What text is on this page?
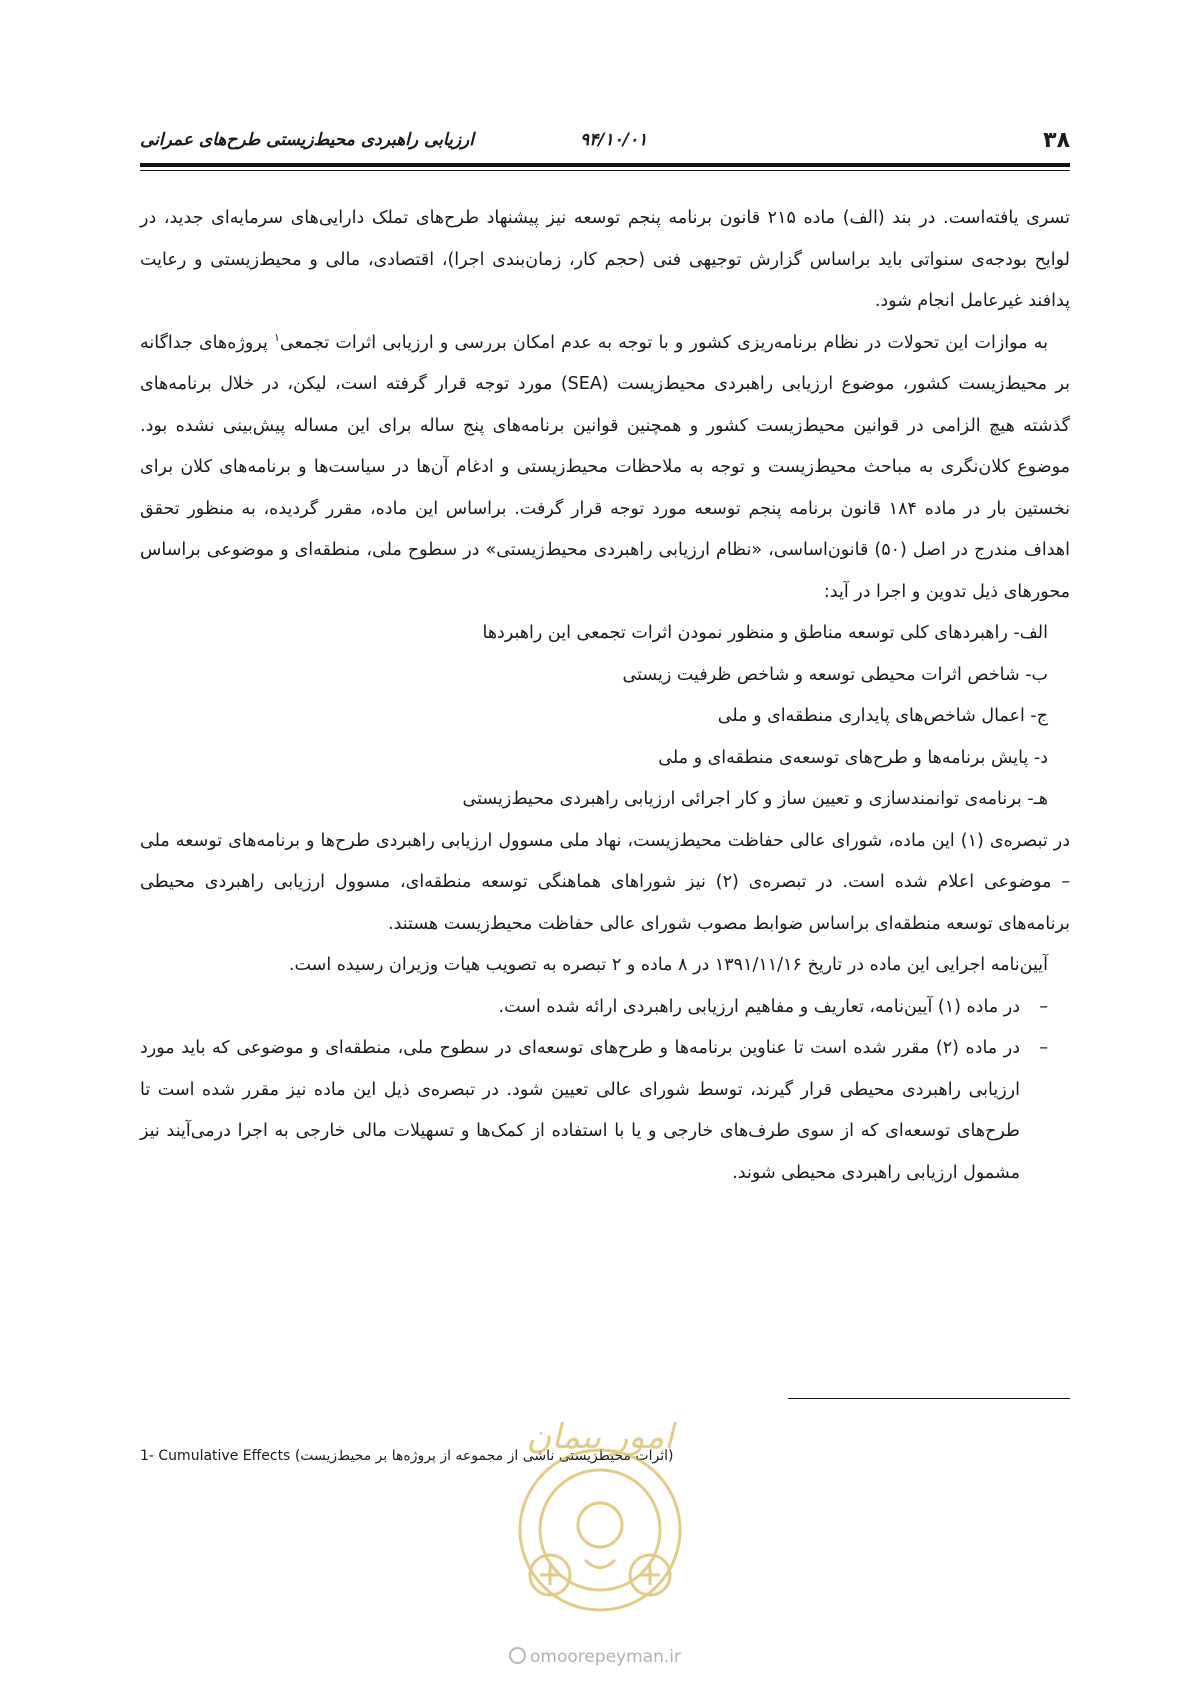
۳۸
۹۴/۱۰/۰۱
ارزیابی راهبردی محیط‌زیستی طرح‌های عمرانی

تسری یافته‌است. در بند (الف) ماده ۲۱۵ قانون برنامه پنجم توسعه نیز پیشنهاد طرح‌های تملک دارایی‌های سرمایه‌ای جدید، در لوایح بودجه‌ی سنواتی باید براساس گزارش توجیهی فنی (حجم کار، زمان‌بندی اجرا)، اقتصادی، مالی و محیط‌زیستی و رعایت پدافند غیرعامل انجام شود.

به موازات این تحولات در نظام برنامه‌ریزی کشور و با توجه به عدم امکان بررسی و ارزیابی اثرات تجمعی$^۱$ پروژه‌های جداگانه بر محیط‌زیست کشور، موضوع ارزیابی راهبردی محیط‌زیست (SEA) مورد توجه قرار گرفته است، لیکن، در خلال برنامه‌های گذشته هیچ الزامی در قوانین محیط‌زیست کشور و همچنین قوانین برنامه‌های پنج ساله برای این مساله پیش‌بینی نشده بود. موضوع کلان‌نگری به مباحث محیط‌زیست و توجه به ملاحظات محیط‌زیستی و ادغام آن‌ها در سیاست‌ها و برنامه‌های کلان برای نخستین بار در ماده ۱۸۴ قانون برنامه پنجم توسعه مورد توجه قرار گرفت. براساس این ماده، مقرر گردیده، به منظور تحقق اهداف مندرج در اصل (۵۰) قانون‌اساسی، «نظام ارزیابی راهبردی محیط‌زیستی» در سطوح ملی، منطقه‌ای و موضوعی براساس محورهای ذیل تدوین و اجرا در آید:

الف- راهبردهای کلی توسعه مناطق و منظور نمودن اثرات تجمعی این راهبردها

ب- شاخص اثرات محیطی توسعه و شاخص ظرفیت زیستی

ج- اعمال شاخص‌های پایداری منطقه‌ای و ملی

د- پایش برنامه‌ها و طرح‌های توسعه‌ی منطقه‌ای و ملی

هـ- برنامه‌ی توانمندسازی و تعیین ساز و کار اجرائی ارزیابی راهبردی محیط‌زیستی

در تبصره‌ی (۱) این ماده، شورای عالی حفاظت محیط‌زیست، نهاد ملی مسوول ارزیابی راهبردی طرح‌ها و برنامه‌های توسعه ملی – موضوعی اعلام شده است. در تبصره‌ی (۲) نیز شوراهای هماهنگی توسعه منطقه‌ای، مسوول ارزیابی راهبردی محیطی برنامه‌های توسعه منطقه‌ای براساس ضوابط مصوب شورای عالی حفاظت محیط‌زیست هستند.

آیین‌نامه اجرایی این ماده در تاریخ ۱۳۹۱/۱۱/۱۶ در ۸ ماده و ۲ تبصره به تصویب هیات وزیران رسیده است.

–
در ماده (۱) آیین‌نامه، تعاریف و مفاهیم ارزیابی راهبردی ارائه شده است.

–
در ماده (۲) مقرر شده است تا عناوین برنامه‌ها و طرح‌های توسعه‌ای در سطوح ملی، منطقه‌ای و موضوعی که باید مورد ارزیابی راهبردی محیطی قرار گیرند، توسط شورای عالی تعیین شود. در تبصره‌ی ذیل این ماده نیز مقرر شده است تا طرح‌های توسعه‌ای که از سوی طرف‌های خارجی و یا با استفاده از کمک‌ها و تسهیلات مالی خارجی به اجرا درمی‌آیند نیز مشمول ارزیابی راهبردی محیطی شوند.

1- Cumulative Effects (اثرات محیطزیستی ناشی از مجموعه از پروژه‌ها بر محیط‌زیست)
امور پیمان
omoorepeyman.ir
